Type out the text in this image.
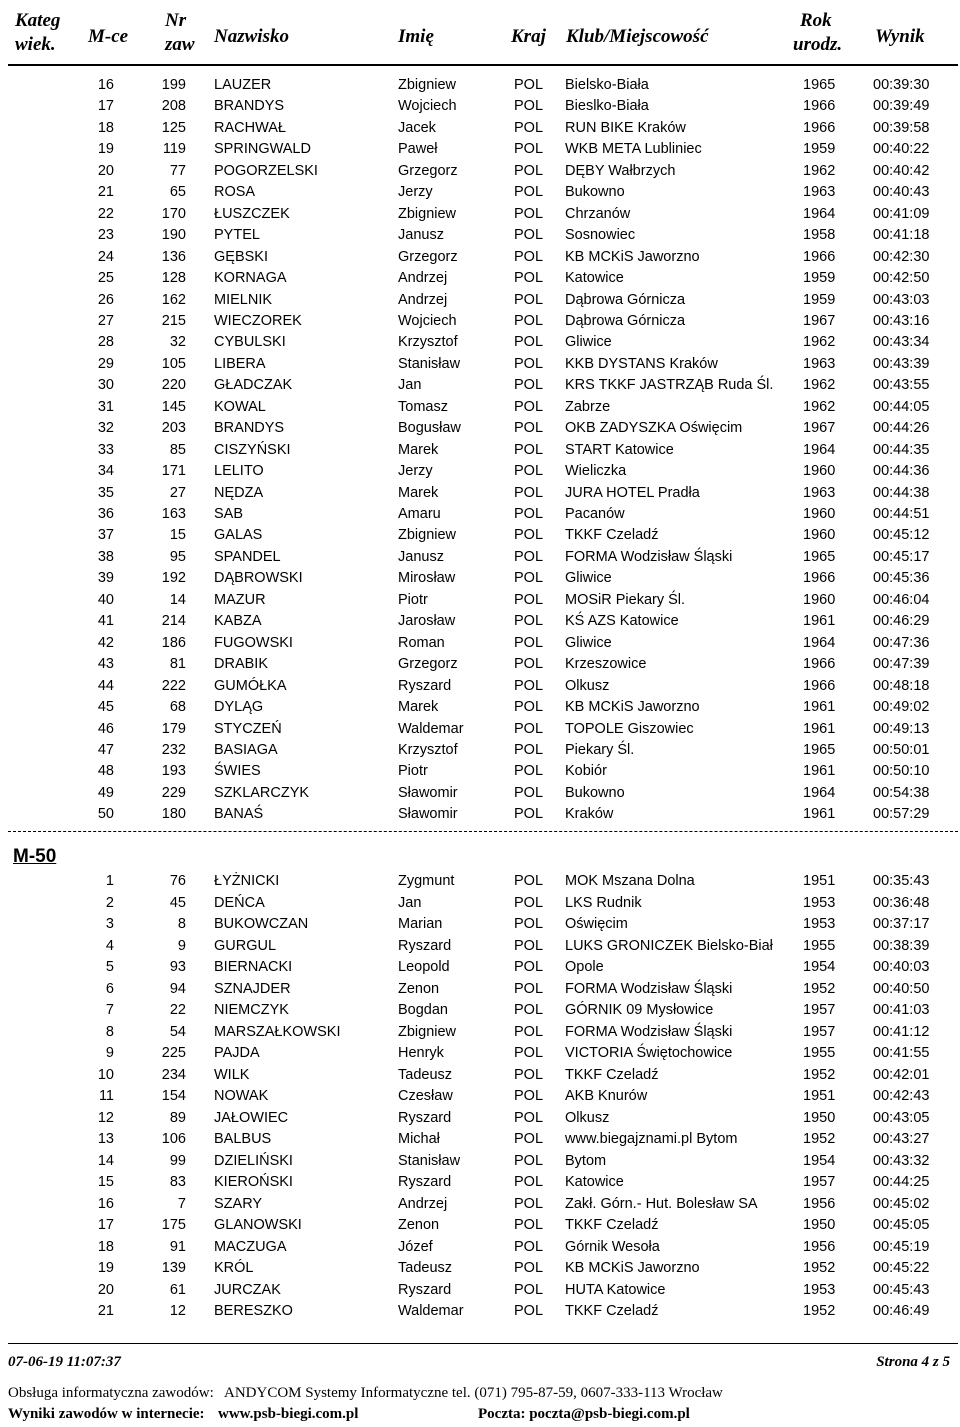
Kateg
wiek. M-ce
Nr
zaw Nazwisko	Imię	Kraj Klub/Miejscowość
Rok
urodz. Wynik
16	199 LAUZER	Zbigniew	POL Bielsko-Biała	1965	00:39:30
17	208 BRANDYS	Wojciech	POL Bieslko-Biała	1966	00:39:49
18	125 RACHWAŁ	Jacek	POL RUN BIKE Kraków	1966	00:39:58
19	119 SPRINGWALD	Paweł	POL WKB META Lubliniec	1959	00:40:22
20	77 POGORZELSKI	Grzegorz	POL DĘBY Wałbrzych	1962	00:40:42
21	65 ROSA	Jerzy	POL Bukowno	1963	00:40:43
22	170 ŁUSZCZEK	Zbigniew	POL Chrzanów	1964	00:41:09
23	190 PYTEL	Janusz	POL Sosnowiec	1958	00:41:18
24	136 GĘBSKI	Grzegorz	POL KB MCKiS Jaworzno	1966	00:42:30
25	128 KORNAGA	Andrzej	POL Katowice	1959	00:42:50
26	162 MIELNIK	Andrzej	POL Dąbrowa Górnicza	1959	00:43:03
27	215 WIECZOREK	Wojciech	POL Dąbrowa Górnicza	1967	00:43:16
28	32 CYBULSKI	Krzysztof	POL Gliwice	1962	00:43:34
29	105 LIBERA	Stanisław	POL KKB DYSTANS Kraków	1963	00:43:39
30	220 GŁADCZAK	Jan	POL KRS TKKF JASTRZĄB Ruda Śl.	1962	00:43:55
31	145 KOWAL	Tomasz	POL Zabrze	1962	00:44:05
32	203 BRANDYS	Bogusław	POL OKB ZADYSZKA Oświęcim	1967	00:44:26
33	85 CISZYŃSKI	Marek	POL START Katowice	1964	00:44:35
34	171 LELITO	Jerzy	POL Wieliczka	1960	00:44:36
35	27 NĘDZA	Marek	POL JURA HOTEL Pradła	1963	00:44:38
36	163 SAB	Amaru	POL Pacanów	1960	00:44:51
37	15 GALAS	Zbigniew	POL TKKF Czeladź	1960	00:45:12
38	95 SPANDEL	Janusz	POL FORMA Wodzisław Śląski	1965	00:45:17
39	192 DĄBROWSKI	Mirosław	POL Gliwice	1966	00:45:36
40	14 MAZUR	Piotr	POL MOSiR Piekary Śl.	1960	00:46:04
41	214 KABZA	Jarosław	POL KŚ AZS Katowice	1961	00:46:29
42	186 FUGOWSKI	Roman	POL Gliwice	1964	00:47:36
43	81 DRABIK	Grzegorz	POL Krzeszowice	1966	00:47:39
44	222 GUMÓŁKA	Ryszard	POL Olkusz	1966	00:48:18
45	68 DYLĄG	Marek	POL KB MCKiS Jaworzno	1961	00:49:02
46	179 STYCZEŃ	Waldemar	POL TOPOLE Giszowiec	1961	00:49:13
47	232 BASIAGA	Krzysztof	POL Piekary Śl.	1965	00:50:01
48	193 ŚWIES	Piotr	POL Kobiór	1961	00:50:10
49	229 SZKLARCZYK	Sławomir	POL Bukowno	1964	00:54:38
50	180 BANAŚ	Sławomir	POL Kraków	1961	00:57:29
M-50
1	76 ŁYŻNICKI	Zygmunt	POL MOK Mszana Dolna	1951	00:35:43
2	45 DEŃCA	Jan	POL LKS Rudnik	1953	00:36:48
3	8 BUKOWCZAN	Marian	POL Oświęcim	1953	00:37:17
4	9 GURGUL	Ryszard	POL LUKS GRONICZEK Bielsko-Biał	1955	00:38:39
5	93 BIERNACKI	Leopold	POL Opole	1954	00:40:03
6	94 SZNAJDER	Zenon	POL FORMA Wodzisław Śląski	1952	00:40:50
7	22 NIEMCZYK	Bogdan	POL GÓRNIK 09 Mysłowice	1957	00:41:03
8	54 MARSZAŁKOWSKI	Zbigniew	POL FORMA Wodzisław Śląski	1957	00:41:12
9	225 PAJDA	Henryk	POL VICTORIA Świętochowice	1955	00:41:55
10	234 WILK	Tadeusz	POL TKKF Czeladź	1952	00:42:01
11	154 NOWAK	Czesław	POL AKB Knurów	1951	00:42:43
12	89 JAŁOWIEC	Ryszard	POL Olkusz	1950	00:43:05
13	106 BALBUS	Michał	POL www.biegajznami.pl Bytom	1952	00:43:27
14	99 DZIELIŃSKI	Stanisław	POL Bytom	1954	00:43:32
15	83 KIEROŃSKI	Ryszard	POL Katowice	1957	00:44:25
16	7 SZARY	Andrzej	POL Zakł. Górn.- Hut. Bolesław SA	1956	00:45:02
17	175 GLANOWSKI	Zenon	POL TKKF Czeladź	1950	00:45:05
18	91 MACZUGA	Józef	POL Górnik Wesoła	1956	00:45:19
19	139 KRÓL	Tadeusz	POL KB MCKiS Jaworzno	1952	00:45:22
20	61 JURCZAK	Ryszard	POL HUTA Katowice	1953	00:45:43
21	12 BERESZKO	Waldemar	POL TKKF Czeladź	1952	00:46:49
07-06-19 11:07:37	Strona 4 z 5
Obsługa informatyczna zawodów: ANDYCOM Systemy Informatyczne tel. (071) 795-87-59, 0607-333-113 Wrocław
Wyniki zawodów w internecie: www.psb-biegi.com.pl	Poczta: poczta@psb-biegi.com.pl
